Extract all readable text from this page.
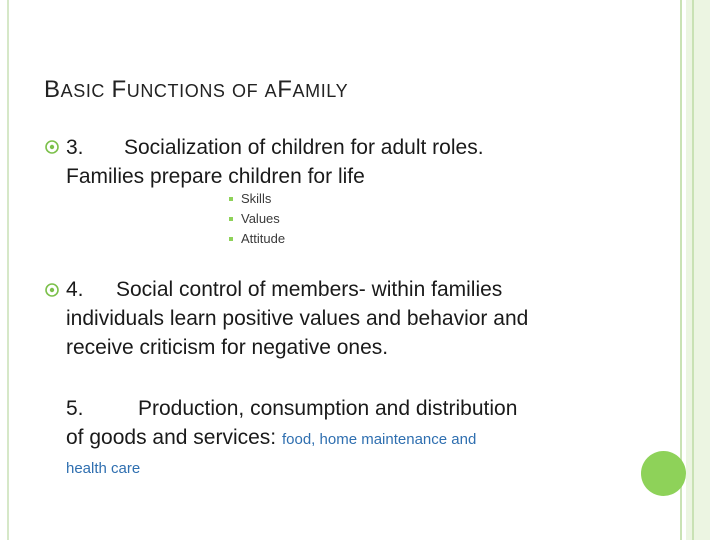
BASIC FUNCTIONS OF AFAMILY
3. Socialization of children for adult roles.
Families prepare children for life
Skills
Values
Attitude
4. Social control of members- within families
individuals learn positive values and behavior and
receive criticism for negative ones.
5.	Production, consumption and distribution
of goods and services: food, home maintenance and
health care
